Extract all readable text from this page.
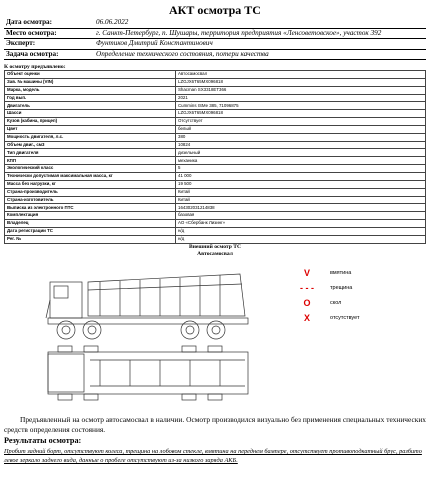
АКТ осмотра ТС
Дата осмотра:	06.06.2022
Место осмотра:	г. Санкт-Петербург, п. Шушары, территория предприятия «Ленсоветовское», участок 392
Эксперт:	Фунтиков Дмитрий Константинович
Задача осмотра:	Определение технического состояния, потери качества
К осмотру предъявлено:
Объект оценки	Автосамосвал
Зав. № машины (VIN)	LZGJX6T65MX096818
Марка, модель	Shacman SX3318ET366
Год вып.	2021
Двигатель	Cummins ISMe 385, 71096875
Шасси	LZGJX6T65MX096818
Кузов (кабина, прицеп)	Отсутствует
Цвет	белый
Мощность двигателя, л.с.	380
Объем двиг., см3	10824
Тип двигателя	дизельный
КПП	механика
Экологический класс	5
Технически допустимая максимальная масса, кг	41 000
Масса без нагрузки, кг	19 500
Страна-производитель	Китай
Страна-изготовитель	Китай
Выписка из электронного ПТС	164302031214838
Комплектация	базовая
Владелец	АО «Сбербанк Лизинг»
Дата регистрации ТС	н/д
Рег. №	н/д
Внешний осмотр ТС
Автосамосвал
V	вмятина
- - -	трещина
O	скол
X	отсутствует
Предъявленный на осмотр автосамосвал в наличии. Осмотр производился визуально без применения специальных технических средств определения состояния.
Результаты осмотра:
Пробит задний борт, отсутствуют колеса, трещина на лобовом стекле, вмятина на переднем бампере, отсутствует противоподкатный брус, разбито левое зеркало заднего вида, данные о пробеге отсутствуют из-за низкого заряда АКБ.
